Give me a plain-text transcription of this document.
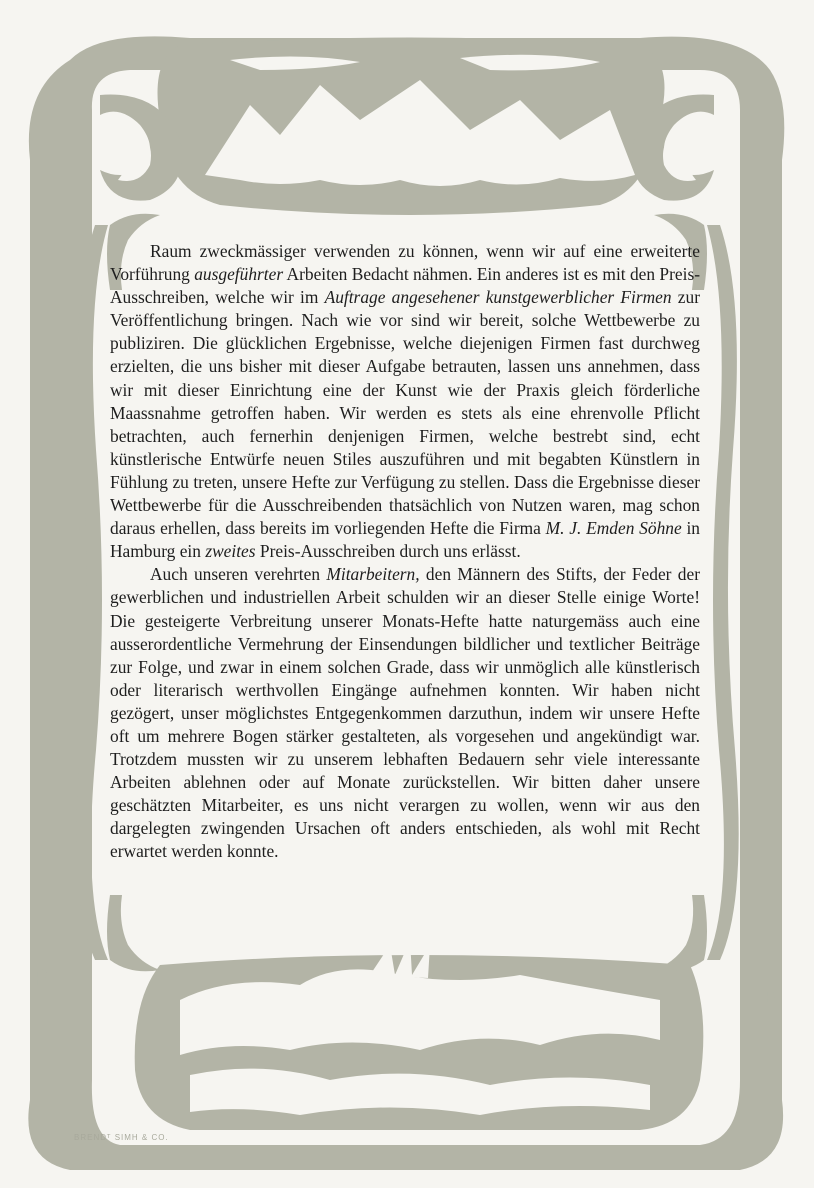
Raum zweckmässiger verwenden zu können, wenn wir auf eine erweiterte Vorführung ausgeführter Arbeiten Bedacht nähmen. Ein anderes ist es mit den Preis-Ausschreiben, welche wir im Auftrage angesehener kunstgewerblicher Firmen zur Veröffentlichung bringen. Nach wie vor sind wir bereit, solche Wettbewerbe zu publiziren. Die glücklichen Ergebnisse, welche diejenigen Firmen fast durchweg erzielten, die uns bisher mit dieser Aufgabe betrauten, lassen uns annehmen, dass wir mit dieser Einrichtung eine der Kunst wie der Praxis gleich förderliche Maassnahme getroffen haben. Wir werden es stets als eine ehrenvolle Pflicht betrachten, auch fernerhin denjenigen Firmen, welche bestrebt sind, echt künstlerische Entwürfe neuen Stiles auszuführen und mit begabten Künstlern in Fühlung zu treten, unsere Hefte zur Verfügung zu stellen. Dass die Ergebnisse dieser Wettbewerbe für die Ausschreibenden thatsächlich von Nutzen waren, mag schon daraus erhellen, dass bereits im vorliegenden Hefte die Firma M. J. Emden Söhne in Hamburg ein zweites Preis-Ausschreiben durch uns erlässt.

Auch unseren verehrten Mitarbeitern, den Männern des Stifts, der Feder der gewerblichen und industriellen Arbeit schulden wir an dieser Stelle einige Worte! Die gesteigerte Verbreitung unserer Monats-Hefte hatte naturgemäss auch eine ausserordentliche Vermehrung der Einsendungen bildlicher und textlicher Beiträge zur Folge, und zwar in einem solchen Grade, dass wir unmöglich alle künstlerisch oder literarisch werthvollen Eingänge aufnehmen konnten. Wir haben nicht gezögert, unser möglichstes Entgegenkommen darzuthun, indem wir unsere Hefte oft um mehrere Bogen stärker gestalteten, als vorgesehen und angekündigt war. Trotzdem mussten wir zu unserem lebhaften Bedauern sehr viele interessante Arbeiten ablehnen oder auf Monate zurückstellen. Wir bitten daher unsere geschätzten Mitarbeiter, es uns nicht verargen zu wollen, wenn wir aus den dargelegten zwingenden Ursachen oft anders entschieden, als wohl mit Recht erwartet werden konnte.

P
B
BRENDᵀ SIMH & CO.
